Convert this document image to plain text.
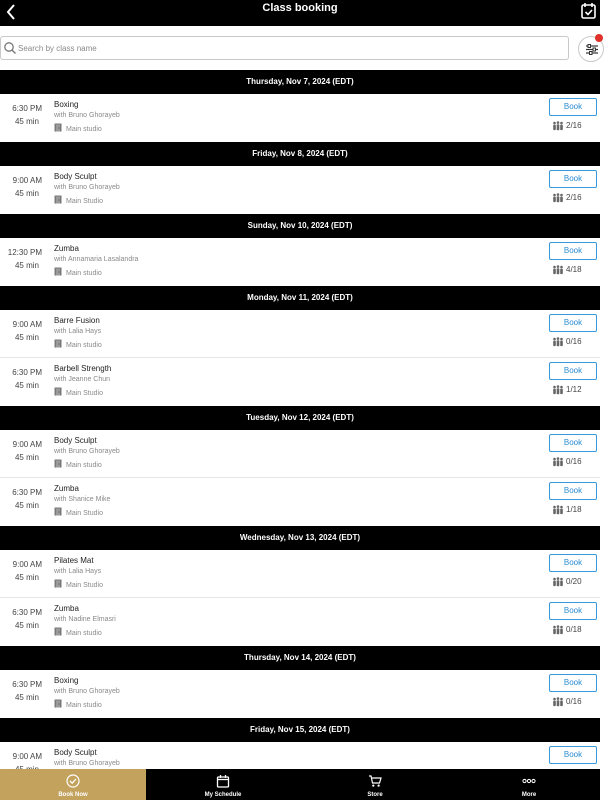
Class booking
Search by class name
Thursday, Nov 7, 2024 (EDT)
6:30 PM
45 min
Boxing
with Bruno Ghorayeb
Main studio
Book
2/16
Friday, Nov 8, 2024 (EDT)
9:00 AM
45 min
Body Sculpt
with Bruno Ghorayeb
Main Studio
Book
2/16
Sunday, Nov 10, 2024 (EDT)
12:30 PM
45 min
Zumba
with Annamaria Lasalandra
Main studio
Book
4/18
Monday, Nov 11, 2024 (EDT)
9:00 AM
45 min
Barre Fusion
with Lalia Hays
Main studio
Book
0/16
6:30 PM
45 min
Barbell Strength
with Jeanne Chun
Main Studio
Book
1/12
Tuesday, Nov 12, 2024 (EDT)
9:00 AM
45 min
Body Sculpt
with Bruno Ghorayeb
Main studio
Book
0/16
6:30 PM
45 min
Zumba
with Shanice Mike
Main Studio
Book
1/18
Wednesday, Nov 13, 2024 (EDT)
9:00 AM
45 min
Pilates Mat
with Lalia Hays
Main Studio
Book
0/20
6:30 PM
45 min
Zumba
with Nadine Elmasri
Main studio
Book
0/18
Thursday, Nov 14, 2024 (EDT)
6:30 PM
45 min
Boxing
with Bruno Ghorayeb
Main studio
Book
0/16
Friday, Nov 15, 2024 (EDT)
9:00 AM Body Sculpt
with Bruno Ghorayeb
Book
Book Now	My Schedule	Store	More
